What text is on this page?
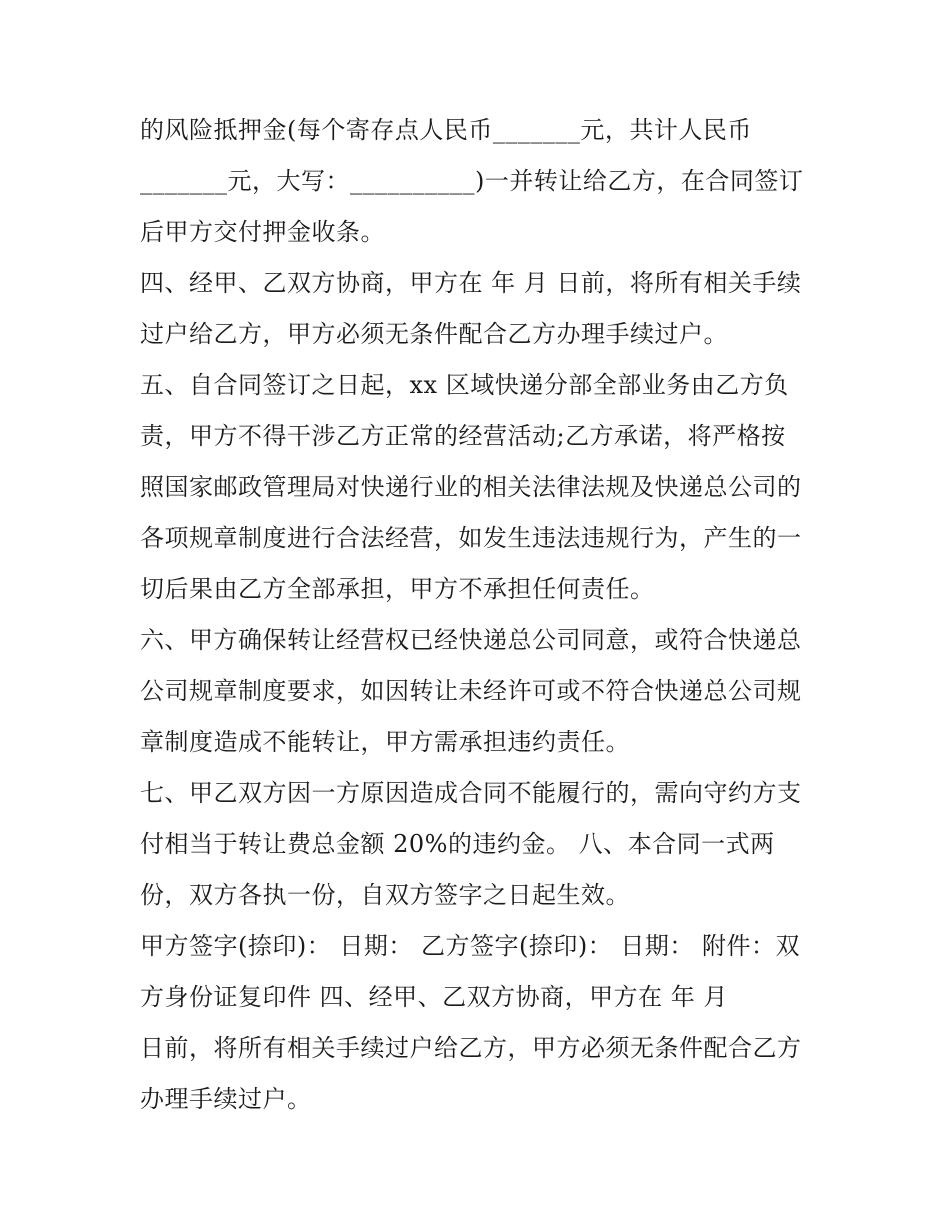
的风险抵押金(每个寄存点人民币_______元，共计人民币
_______元，大写：__________)一并转让给乙方，在合同签订
后甲方交付押金收条。
四、经甲、乙双方协商，甲方在 年 月 日前，将所有相关手续
过户给乙方，甲方必须无条件配合乙方办理手续过户。
五、自合同签订之日起，xx 区域快递分部全部业务由乙方负
责，甲方不得干涉乙方正常的经营活动;乙方承诺，将严格按
照国家邮政管理局对快递行业的相关法律法规及快递总公司的
各项规章制度进行合法经营，如发生违法违规行为，产生的一
切后果由乙方全部承担，甲方不承担任何责任。
六、甲方确保转让经营权已经快递总公司同意，或符合快递总
公司规章制度要求，如因转让未经许可或不符合快递总公司规
章制度造成不能转让，甲方需承担违约责任。
七、甲乙双方因一方原因造成合同不能履行的，需向守约方支
付相当于转让费总金额 20%的违约金。 八、本合同一式两
份，双方各执一份，自双方签字之日起生效。
甲方签字(捺印)： 日期： 乙方签字(捺印)： 日期： 附件：双
方身份证复印件 四、经甲、乙双方协商，甲方在 年 月
日前，将所有相关手续过户给乙方，甲方必须无条件配合乙方
办理手续过户。
